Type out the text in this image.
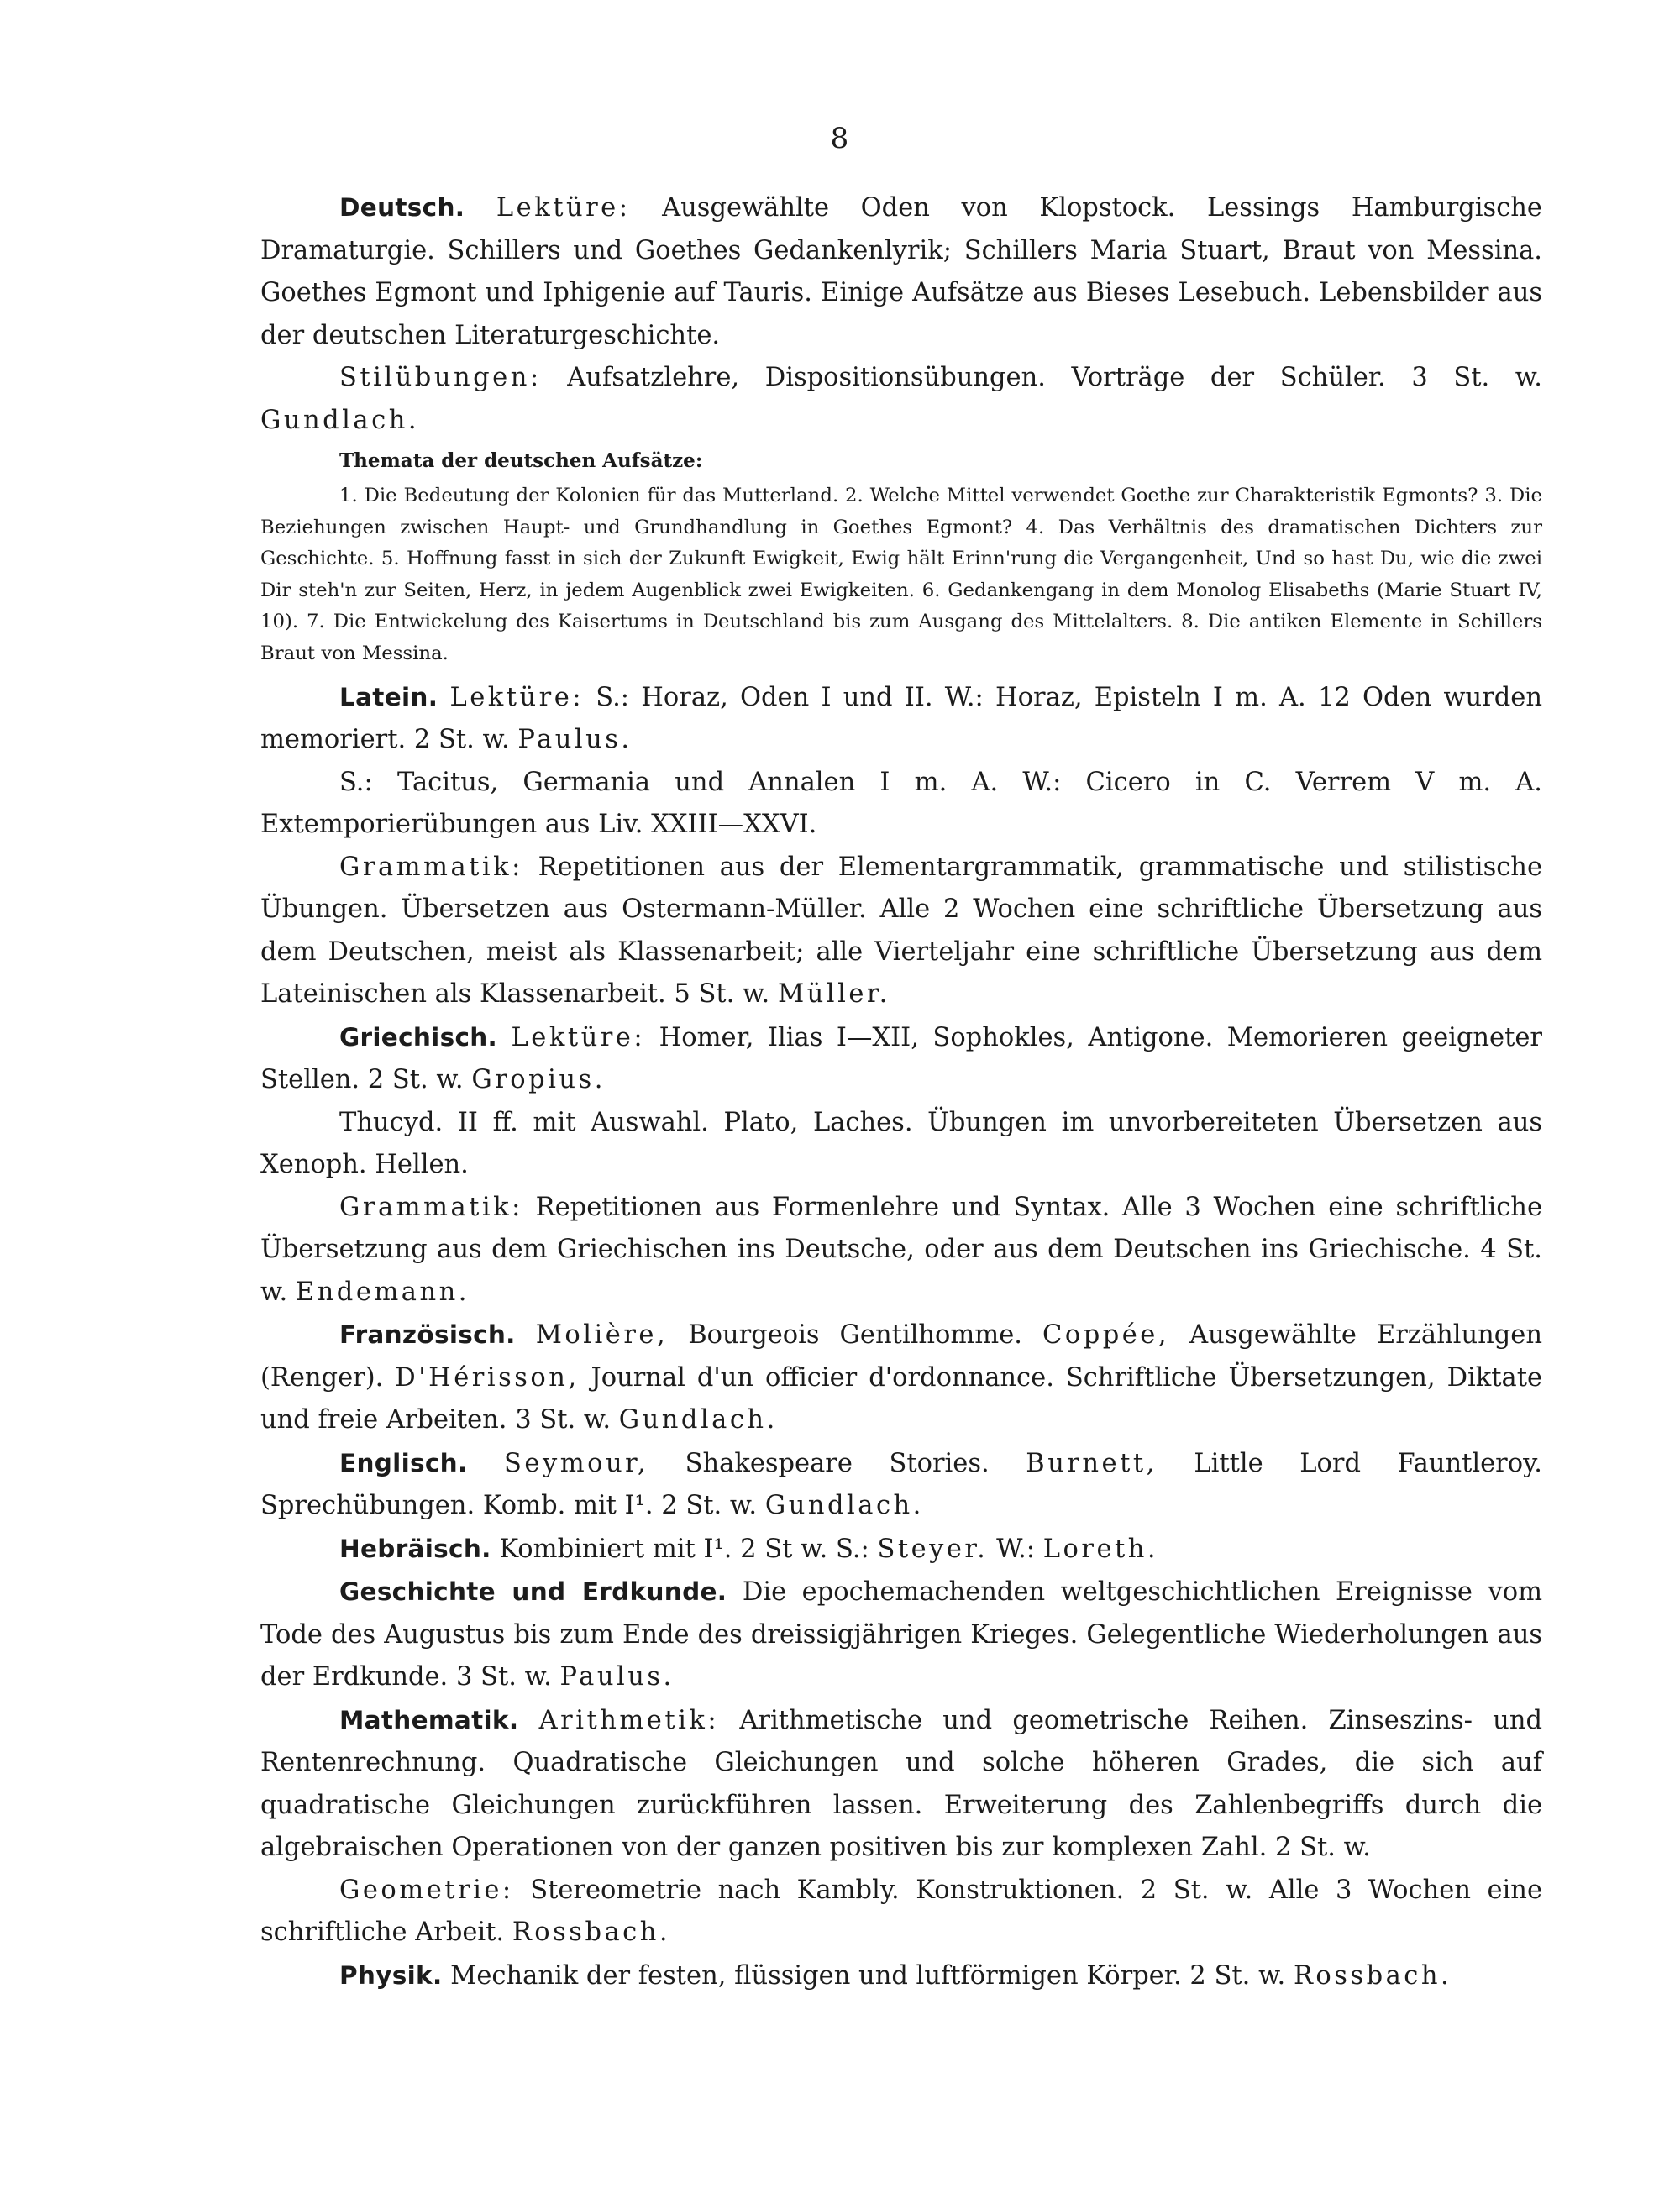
8

Deutsch. Lektüre: Ausgewählte Oden von Klopstock. Lessings Hamburgische Dramaturgie. Schillers und Goethes Gedankenlyrik; Schillers Maria Stuart, Braut von Messina. Goethes Egmont und Iphigenie auf Tauris. Einige Aufsätze aus Bieses Lesebuch. Lebensbilder aus der deutschen Literaturgeschichte.

Stilübungen: Aufsatzlehre, Dispositionsübungen. Vorträge der Schüler. 3 St. w. Gundlach.

Themata der deutschen Aufsätze:

1. Die Bedeutung der Kolonien für das Mutterland. 2. Welche Mittel verwendet Goethe zur Charakteristik Egmonts? 3. Die Beziehungen zwischen Haupt- und Grundhandlung in Goethes Egmont? 4. Das Verhältnis des dramatischen Dichters zur Geschichte. 5. Hoffnung fasst in sich der Zukunft Ewigkeit, Ewig hält Erinn'rung die Vergangenheit, Und so hast Du, wie die zwei Dir steh'n zur Seiten, Herz, in jedem Augenblick zwei Ewigkeiten. 6. Gedankengang in dem Monolog Elisabeths (Marie Stuart IV, 10). 7. Die Entwickelung des Kaisertums in Deutschland bis zum Ausgang des Mittelalters. 8. Die antiken Elemente in Schillers Braut von Messina.

Latein. Lektüre: S.: Horaz, Oden I und II. W.: Horaz, Episteln I m. A. 12 Oden wurden memoriert. 2 St. w. Paulus.

S.: Tacitus, Germania und Annalen I m. A. W.: Cicero in C. Verrem V m. A. Extemporierübungen aus Liv. XXIII—XXVI.

Grammatik: Repetitionen aus der Elementargrammatik, grammatische und stilistische Übungen. Übersetzen aus Ostermann-Müller. Alle 2 Wochen eine schriftliche Übersetzung aus dem Deutschen, meist als Klassenarbeit; alle Vierteljahr eine schriftliche Übersetzung aus dem Lateinischen als Klassenarbeit. 5 St. w. Müller.

Griechisch. Lektüre: Homer, Ilias I—XII, Sophokles, Antigone. Memorieren geeigneter Stellen. 2 St. w. Gropius.

Thucyd. II ff. mit Auswahl. Plato, Laches. Übungen im unvorbereiteten Übersetzen aus Xenoph. Hellen.

Grammatik: Repetitionen aus Formenlehre und Syntax. Alle 3 Wochen eine schriftliche Übersetzung aus dem Griechischen ins Deutsche, oder aus dem Deutschen ins Griechische. 4 St. w. Endemann.

Französisch. Molière, Bourgeois Gentilhomme. Coppée, Ausgewählte Erzählungen (Renger). D'Hérisson, Journal d'un officier d'ordonnance. Schriftliche Übersetzungen, Diktate und freie Arbeiten. 3 St. w. Gundlach.

Englisch. Seymour, Shakespeare Stories. Burnett, Little Lord Fauntleroy. Sprechübungen. Komb. mit I¹. 2 St. w. Gundlach.

Hebräisch. Kombiniert mit I¹. 2 St w. S.: Steyer. W.: Loreth.

Geschichte und Erdkunde. Die epochemachenden weltgeschichtlichen Ereignisse vom Tode des Augustus bis zum Ende des dreissigjährigen Krieges. Gelegentliche Wiederholungen aus der Erdkunde. 3 St. w. Paulus.

Mathematik. Arithmetik: Arithmetische und geometrische Reihen. Zinseszins- und Rentenrechnung. Quadratische Gleichungen und solche höheren Grades, die sich auf quadratische Gleichungen zurückführen lassen. Erweiterung des Zahlenbegriffs durch die algebraischen Operationen von der ganzen positiven bis zur komplexen Zahl. 2 St. w.

Geometrie: Stereometrie nach Kambly. Konstruktionen. 2 St. w. Alle 3 Wochen eine schriftliche Arbeit. Rossbach.

Physik. Mechanik der festen, flüssigen und luftförmigen Körper. 2 St. w. Rossbach.
